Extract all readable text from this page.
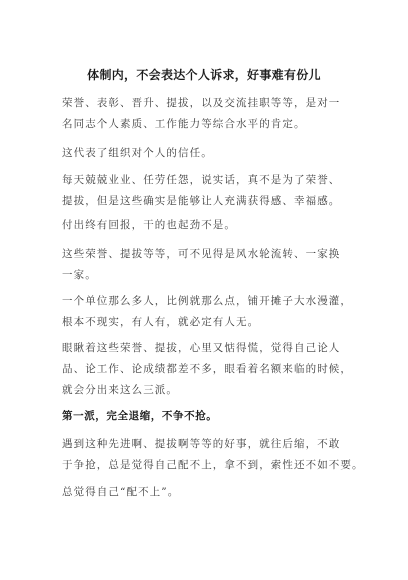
体制内，不会表达个人诉求，好事难有份儿
荣誉、表彰、晋升、提拔，以及交流挂职等等，是对一
名同志个人素质、工作能力等综合水平的肯定。
这代表了组织对个人的信任。
每天兢兢业业、任劳任怨，说实话，真不是为了荣誉、
提拔，但是这些确实是能够让人充满获得感、幸福感。
付出终有回报，干的也起劲不是。
这些荣誉、提拔等等，可不见得是风水轮流转、一家换
一家。
一个单位那么多人，比例就那么点，铺开摊子大水漫灌，
根本不现实，有人有，就必定有人无。
眼瞅着这些荣誉、提拔，心里又惦得慌，觉得自己论人
品、论工作、论成绩都差不多，眼看着名额来临的时候，
就会分出来这么三派。
第一派，完全退缩，不争不抢。
遇到这种先进啊、提拔啊等等的好事，就往后缩，不敢
于争抢，总是觉得自己配不上，拿不到，索性还不如不要。
总觉得自己“配不上”。
